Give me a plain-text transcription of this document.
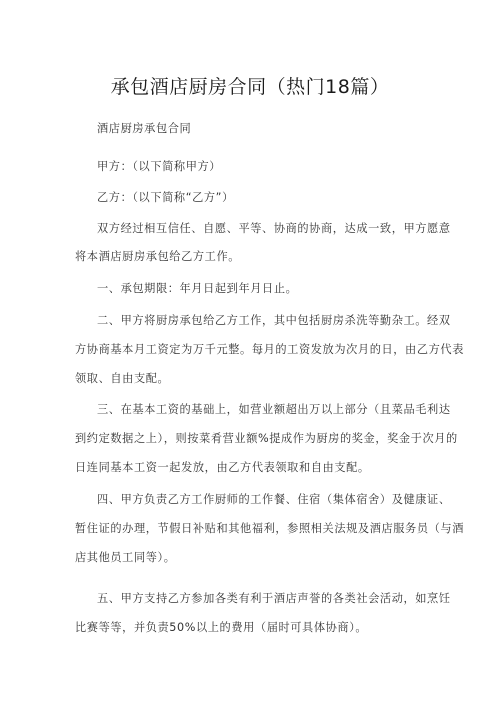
承包酒店厨房合同（热门18篇）
酒店厨房承包合同
甲方：（以下简称甲方）
乙方：（以下简称“乙方”）
双方经过相互信任、自愿、平等、协商的协商，达成一致，甲方愿意
将本酒店厨房承包给乙方工作。
一、承包期限：年月日起到年月日止。
二、甲方将厨房承包给乙方工作，其中包括厨房杀洗等勤杂工。经双
方协商基本月工资定为万千元整。每月的工资发放为次月的日，由乙方代表
领取、自由支配。
三、在基本工资的基础上，如营业额超出万以上部分（且菜品毛利达
到约定数据之上），则按菜肴营业额%提成作为厨房的奖金，奖金于次月的
日连同基本工资一起发放，由乙方代表领取和自由支配。
四、甲方负责乙方工作厨师的工作餐、住宿（集体宿舍）及健康证、
暂住证的办理，节假日补贴和其他福利，参照相关法规及酒店服务员（与酒
店其他员工同等）。
五、甲方支持乙方参加各类有利于酒店声誉的各类社会活动，如烹饪
比赛等等，并负责50%以上的费用（届时可具体协商）。
